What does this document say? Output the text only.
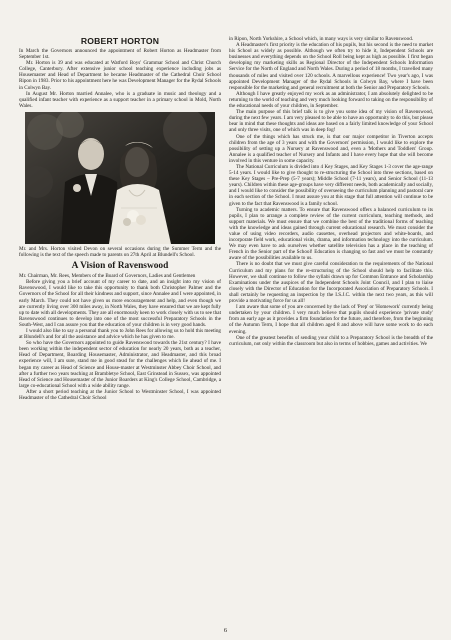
ROBERT HORTON

In March the Governors announced the appointment of Robert Horton as Headmaster from September 1st.

Mr. Horton is 39 and was educated at Watford Boys' Grammar School and Christ Church College, Canterbury. After extensive junior school teaching experience including jobs as Housemaster and Head of Department he became Headmaster of the Cathedral Choir School Ripon in 1983. Prior to his appointment here he was Development Manager for the Rydal Schools in Colwyn Bay.

In August Mr. Horton married Annalee, who is a graduate in music and theology and a qualified infant teacher with experience as a support teacher in a primary school in Mold, North Wales.

Mr. and Mrs. Horton visited Devon on several occasions during the Summer Term and the following is the text of the speech made to parents on 27th April at Blundell's School.
A Vision of Ravenswood

Mr. Chairman, Mr. Rees, Members of the Board of Governors, Ladies and Gentlemen

Before giving you a brief account of my career to date, and an insight into my vision of Ravenswood, I would like to take this opportunity to thank both Christopher Palmer and the Governors of the School for all their kindness and support, since Annalee and I were appointed, in early March. They could not have given us more encouragement and help, and even though we are currently living over 300 miles away, in North Wales, they have ensured that we are kept fully up to date with all developments. They are all enormously keen to work closely with us to see that Ravenswood continues to develop into one of the most successful Preparatory Schools in the South-West, and I can assure you that the education of your children is in very good hands.

I would also like to say a personal thank you to John Rees for allowing us to hold this meeting at Blundell's and for all the assistance and advice which he has given to me.

So who have the Governors appointed to guide Ravenswood towards the 21st century? I have been working within the independent sector of education for nearly 20 years, both as a teacher, Head of Department, Boarding Housemaster, Administrator, and Headmaster, and this broad experience will, I am sure, stand me in good stead for the challenges which lie ahead of me. I began my career as Head of Science and House-master at Westminster Abbey Choir School, and after a further two years teaching at Brambletye School, East Grinstead in Sussex, was appointed Head of Science and Housemaster of the Junior Boarders at King's College School, Cambridge, a large co-educational School with a wide ability range.

After a short period teaching at the Junior School to Westminster School, I was appointed Headmaster of the Cathedral Choir School

in Ripon, North Yorkshire, a School which, in many ways is very similar to Ravenswood.

A Headmaster's first priority is the education of his pupils, but his second is the need to market his School as widely as possible. Although we often try to hide it, Independent Schools are businesses and everything depends on the School Roll being kept as high as possible. I first began developing my marketing skills as Regional Director of the Independent Schools Information Service for the North of England and North Wales. During a period of 18 months, I travelled many thousands of miles and visited over 120 schools. A marvellous experience! Two year's ago, I was appointed Development Manager of the Rydal Schools in Colwyn Bay, where I have been responsible for the marketing and general recruitment at both the Senior and Preparatory Schools.

Although I have greatly enjoyed my work as an administrator, I am absolutely delighted to be returning to the world of teaching and very much looking forward to taking on the responsibility of the educational needs of your children, in September.

The main purpose of this brief talk is to give you some idea of my vision of Ravenswood, during the next few years. I am very pleased to be able to have an opportunity to do this, but please bear in mind that these thoughts and ideas are based on a fairly limited knowledge of your School and only three visits, one of which was in deep fog!

One of the things which has struck me, is that our major competitor in Tiverton accepts children from the age of 3 years and with the Governors' permission, I would like to explore the possibility of setting up a Nursery at Ravenswood and, even a 'Mothers and Toddlers' Group. Annalee is a qualified teacher of Nursery and Infants and I have every hope that she will become involved in this venture in some capacity.

The National Curriculum is divided into 4 Key Stages, and Key Stages 1-3 cover the age-range 5-14 years. I would like to give thought to re-structuring the School into three sections, based on these Key Stages – Pre-Prep (5-7 years); Middle School (7-11 years), and Senior School (11-13 years). Children within these age-groups have very different needs, both academically and socially, and I would like to consider the possibility of overseeing the curriculum planning and pastoral care in each section of the School. I must assure you at this stage that full attention will continue to be given to the fact that Ravenswood is a family school.

Turning to academic matters. To ensure that Ravenswood offers a balanced curriculum to its pupils, I plan to arrange a complete review of the current curriculum, teaching methods, and support materials. We must ensure that we combine the best of the traditional forms of teaching with the knowledge and ideas gained through current educational research. We must consider the value of using video recorders, audio cassettes, overhead projectors and white-boards, and incorporate field work, educational visits, drama, and information technology into the curriculum. We may even have to ask ourselves whether satellite television has a place in the teaching of French in the Senior part of the School! Education is changing so fast and we must be constantly aware of the possibilities available to us.

There is no doubt that we must give careful consideration to the requirements of the National Curriculum and my plans for the re-structuring of the School should help to facilitate this. However, we shall continue to follow the syllabi drawn up for Common Entrance and Scholarship Examinations under the auspices of the Independent Schools Joint Council, and I plan to liaise closely with the Director of Education for the Incorporated Association of Preparatory Schools. I shall certainly be requesting an inspection by the I.S.J.C. within the next two years, as this will provide a motivating force for us all!

I am aware that some of you are concerned by the lack of 'Prep' or 'Homework' currently being undertaken by your children. I very much believe that pupils should experience 'private study' from an early age as it provides a firm foundation for the future, and therefore, from the beginning of the Autumn Term, I hope that all children aged 8 and above will have some work to do each evening.

One of the greatest benefits of sending your child to a Preparatory School is the breadth of the curriculum, not only within the classroom but also in terms of hobbies, games and activities. We

6
